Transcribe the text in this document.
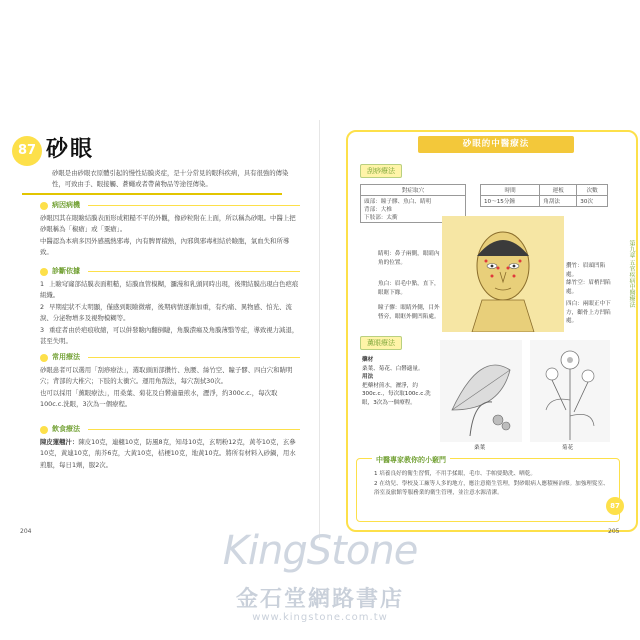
87 砂眼
砂眼是由砂眼衣原體引起的慢性結膜炎症，是十分常見的眼科疾病，具有很強的傳染性，可致由手、眼接觸、蒼蠅或者帶菌物品等途徑傳染。
病因病機

砂眼因其在眼瞼結膜表面形成粗糙不平的外觀，像砂粒附在上面，所以稱為砂眼。中醫上把砂眼稱為「椒瘡」或「粟瘡」。

中醫認為本病多因外感風熱邪毒，內有脾胃積熱，內邪與邪毒相結於瞼胞，氣血失和所導致。

診斷依據

1 上瞼穹窿部結膜表面粗糙，結膜血管模糊，瀰漫和乳頭同時出現，後期結膜出現白色疤痕組織。

2 早期症狀不太明顯，僅感到眼瞼微癢，後期病情逐漸加重，有灼痛、異物感、怕光、流淚、分泌物增多及視物模糊等。

3 重症者由於疤痕收縮，可以併發瞼內翻倒睫，角膜潰瘍及角膜薄翳等症，導致視力減退，甚至失明。

常用療法

砂眼患者可以選用「刮痧療法」，選取頭面部攢竹、魚腰、絲竹空、瞳子髎、四白穴和睛明穴；背部的大椎穴；下肢的太衝穴。運用角刮法，每穴刮拭30次。

也可以採用「薰眼療法」，用桑葉、菊花及白礬適量煎水，瀝淨，約300c.c.，每次取100c.c.洗眼，3次為一個療程。

飲食療法

陳皮蓮翹汁：陳皮10克，連翹10克，防風8克，知母10克，玄明粉12克，黃苓10克，玄參10克，黃連10克，荊芥6克，大黃10克，桔梗10克，地黃10克。將所有材料入砂鍋，用水煎服，每日1劑，服2次。

204
砂眼的中醫療法
刮痧療法
對症取穴

頭部：瞳子髎、魚白、睛明
背部：大椎
下肢部：太衝
時間	運板	次數
10～15分鐘	角刮法	30次
睛明：鼻子兩側，眼睛內角的位置。
魚白：眉毛中點，直下，眼眶下緣。
攢竹：眉頭凹陷處。
絲竹空：眉梢凹陷處。
瞳子髎：眼睛外側，目外眥旁，眼眶外側凹陷處。
四白：兩眼正中下方，顴骨上方凹陷處。
薰眼療法
藥材
桑葉、菊花、白礬適量。
用法
把藥材煎水，瀝淨，約300c.c.，每次取100c.c.洗眼，3次為一個療程。
桑葉	菊花
中醫專家教你的小竅門
1 培養良好的衛生習慣，不用手揉眼，毛巾、手帕要勤洗、晒乾。
2 在幼兒、學校及工廠等人多的地方，應注意衛生管理，對砂眼病人應積極治療。加強理髮室、浴室及旅館等服務業的衛生管理，並注意水源清潔。
第九章 五官疾病中醫療法
87
205
KingStone
金石堂網路書店
www.kingstone.com.tw
